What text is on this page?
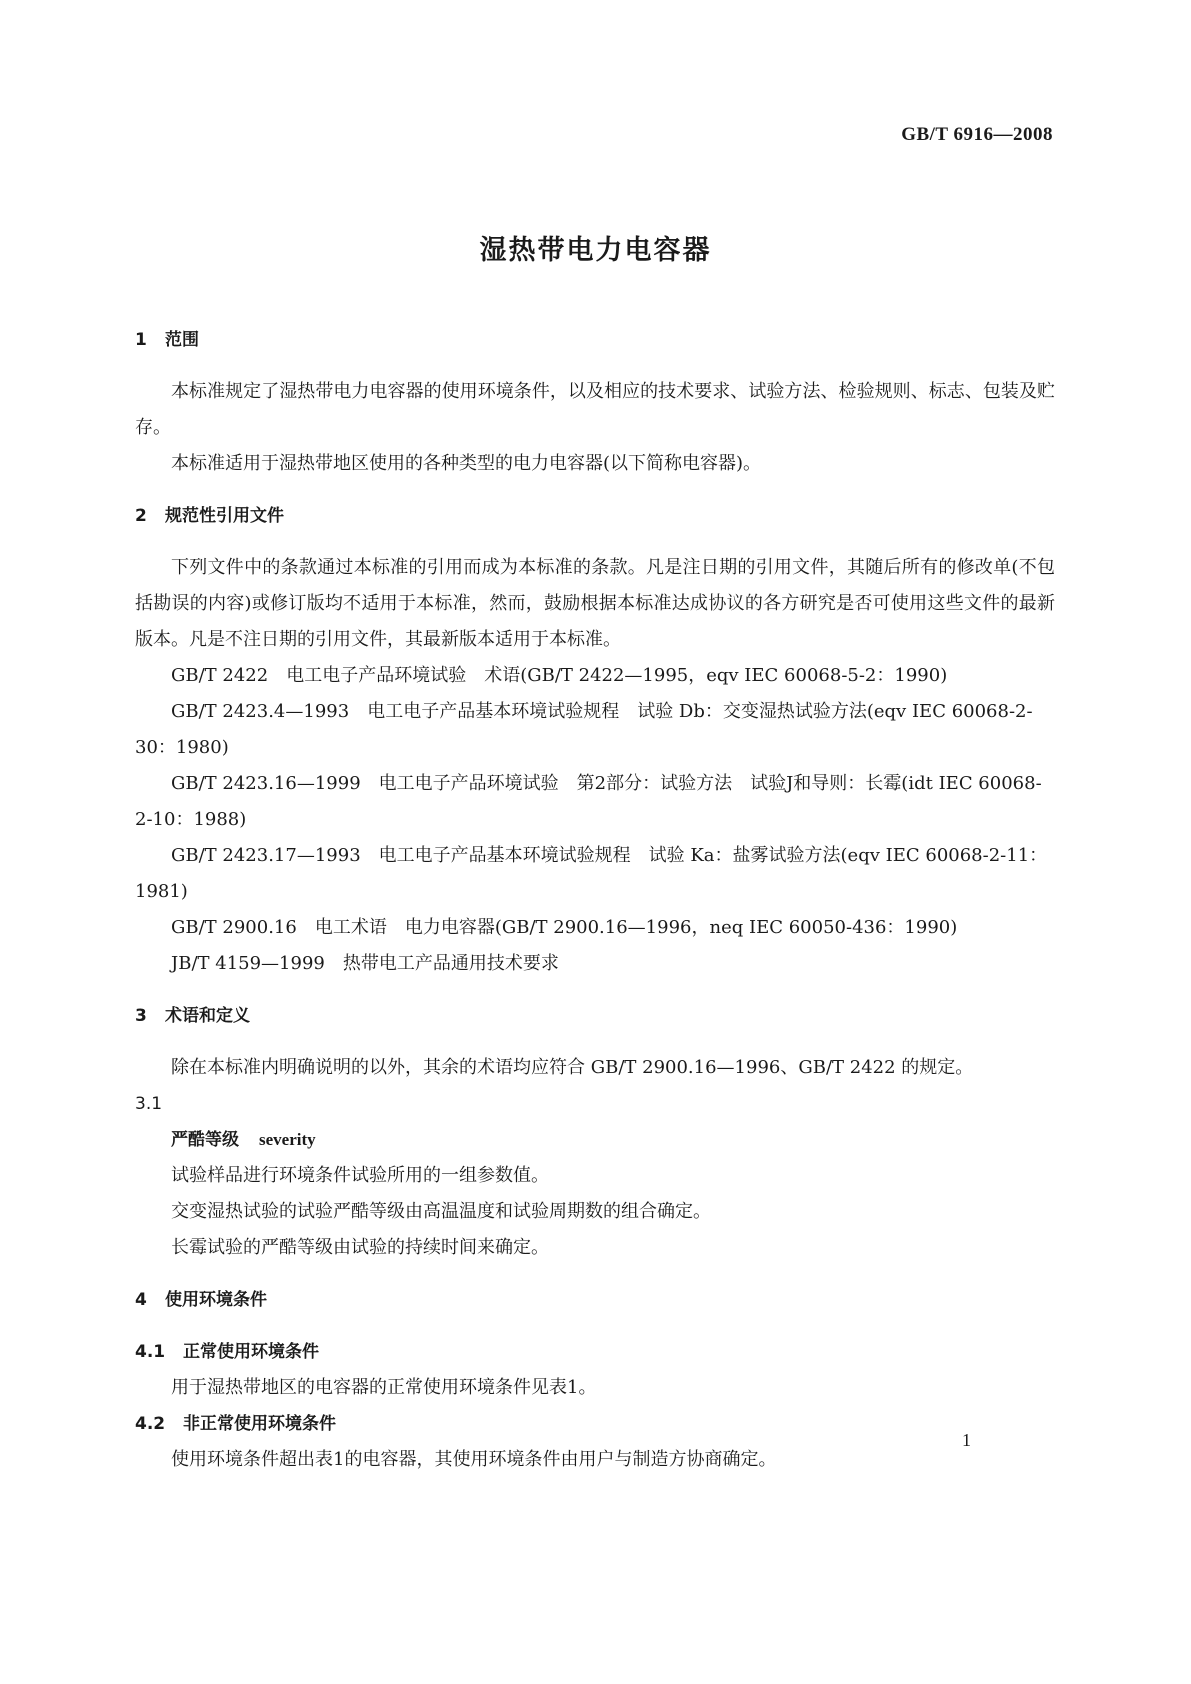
GB/T 6916—2008
湿热带电力电容器
1 范围

本标准规定了湿热带电力电容器的使用环境条件，以及相应的技术要求、试验方法、检验规则、标志、包装及贮存。

本标准适用于湿热带地区使用的各种类型的电力电容器(以下简称电容器)。

2 规范性引用文件

下列文件中的条款通过本标准的引用而成为本标准的条款。凡是注日期的引用文件，其随后所有的修改单(不包括勘误的内容)或修订版均不适用于本标准，然而，鼓励根据本标准达成协议的各方研究是否可使用这些文件的最新版本。凡是不注日期的引用文件，其最新版本适用于本标准。

GB/T 2422　电工电子产品环境试验　术语(GB/T 2422—1995，eqv IEC 60068-5-2：1990)

GB/T 2423.4—1993　电工电子产品基本环境试验规程　试验 Db：交变湿热试验方法(eqv IEC 60068-2-30：1980)

GB/T 2423.16—1999　电工电子产品环境试验　第2部分：试验方法　试验J和导则：长霉(idt IEC 60068-2-10：1988)

GB/T 2423.17—1993　电工电子产品基本环境试验规程　试验 Ka：盐雾试验方法(eqv IEC 60068-2-11：1981)

GB/T 2900.16　电工术语　电力电容器(GB/T 2900.16—1996，neq IEC 60050-436：1990)

JB/T 4159—1999　热带电工产品通用技术要求

3 术语和定义

除在本标准内明确说明的以外，其余的术语均应符合 GB/T 2900.16—1996、GB/T 2422 的规定。

3.1

严酷等级 severity

试验样品进行环境条件试验所用的一组参数值。

交变湿热试验的试验严酷等级由高温温度和试验周期数的组合确定。

长霉试验的严酷等级由试验的持续时间来确定。

4 使用环境条件
4.1 正常使用环境条件

用于湿热带地区的电容器的正常使用环境条件见表1。

4.2 非正常使用环境条件

使用环境条件超出表1的电容器，其使用环境条件由用户与制造方协商确定。

1
